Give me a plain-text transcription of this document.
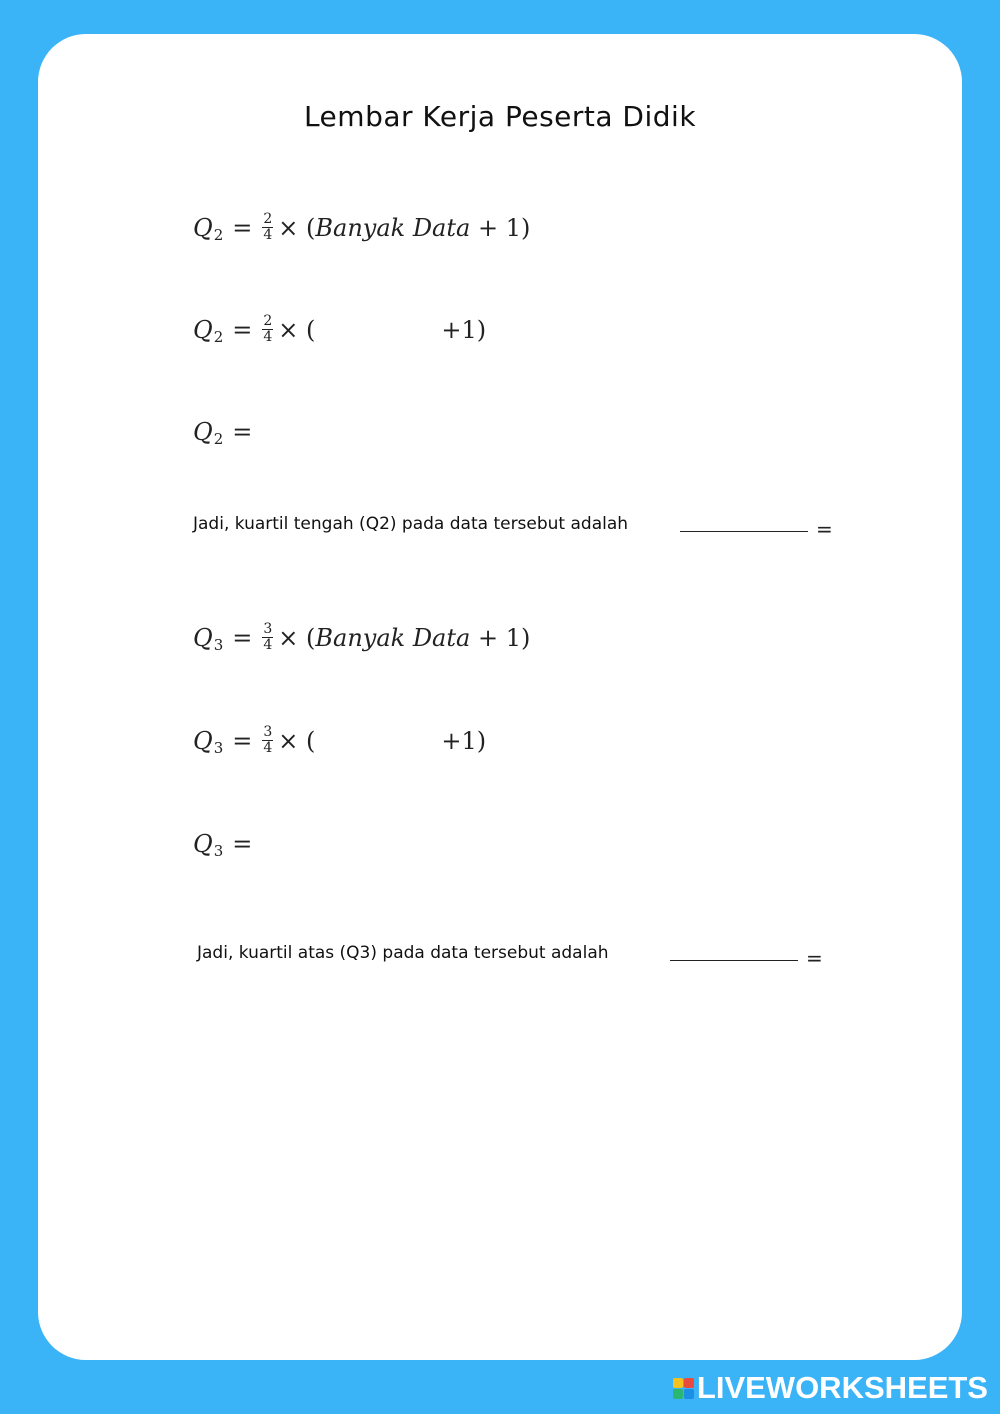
Lembar Kerja Peserta Didik
Q $2 = \frac{2}{4}$ × ( Banyak Data + 1)
Q $2 = \frac{2}{4}$ × (	+1)
Q 2 =
Jadi, kuartil tengah (Q2) pada data tersebut adalah	=
Q $3 = \frac{3}{4}$ × ( Banyak Data + 1)
Q $3 = \frac{3}{4}$ × (	+1)
Q 3 =
Jadi, kuartil atas (Q3) pada data tersebut adalah	=
LIVEWORKSHEETS
